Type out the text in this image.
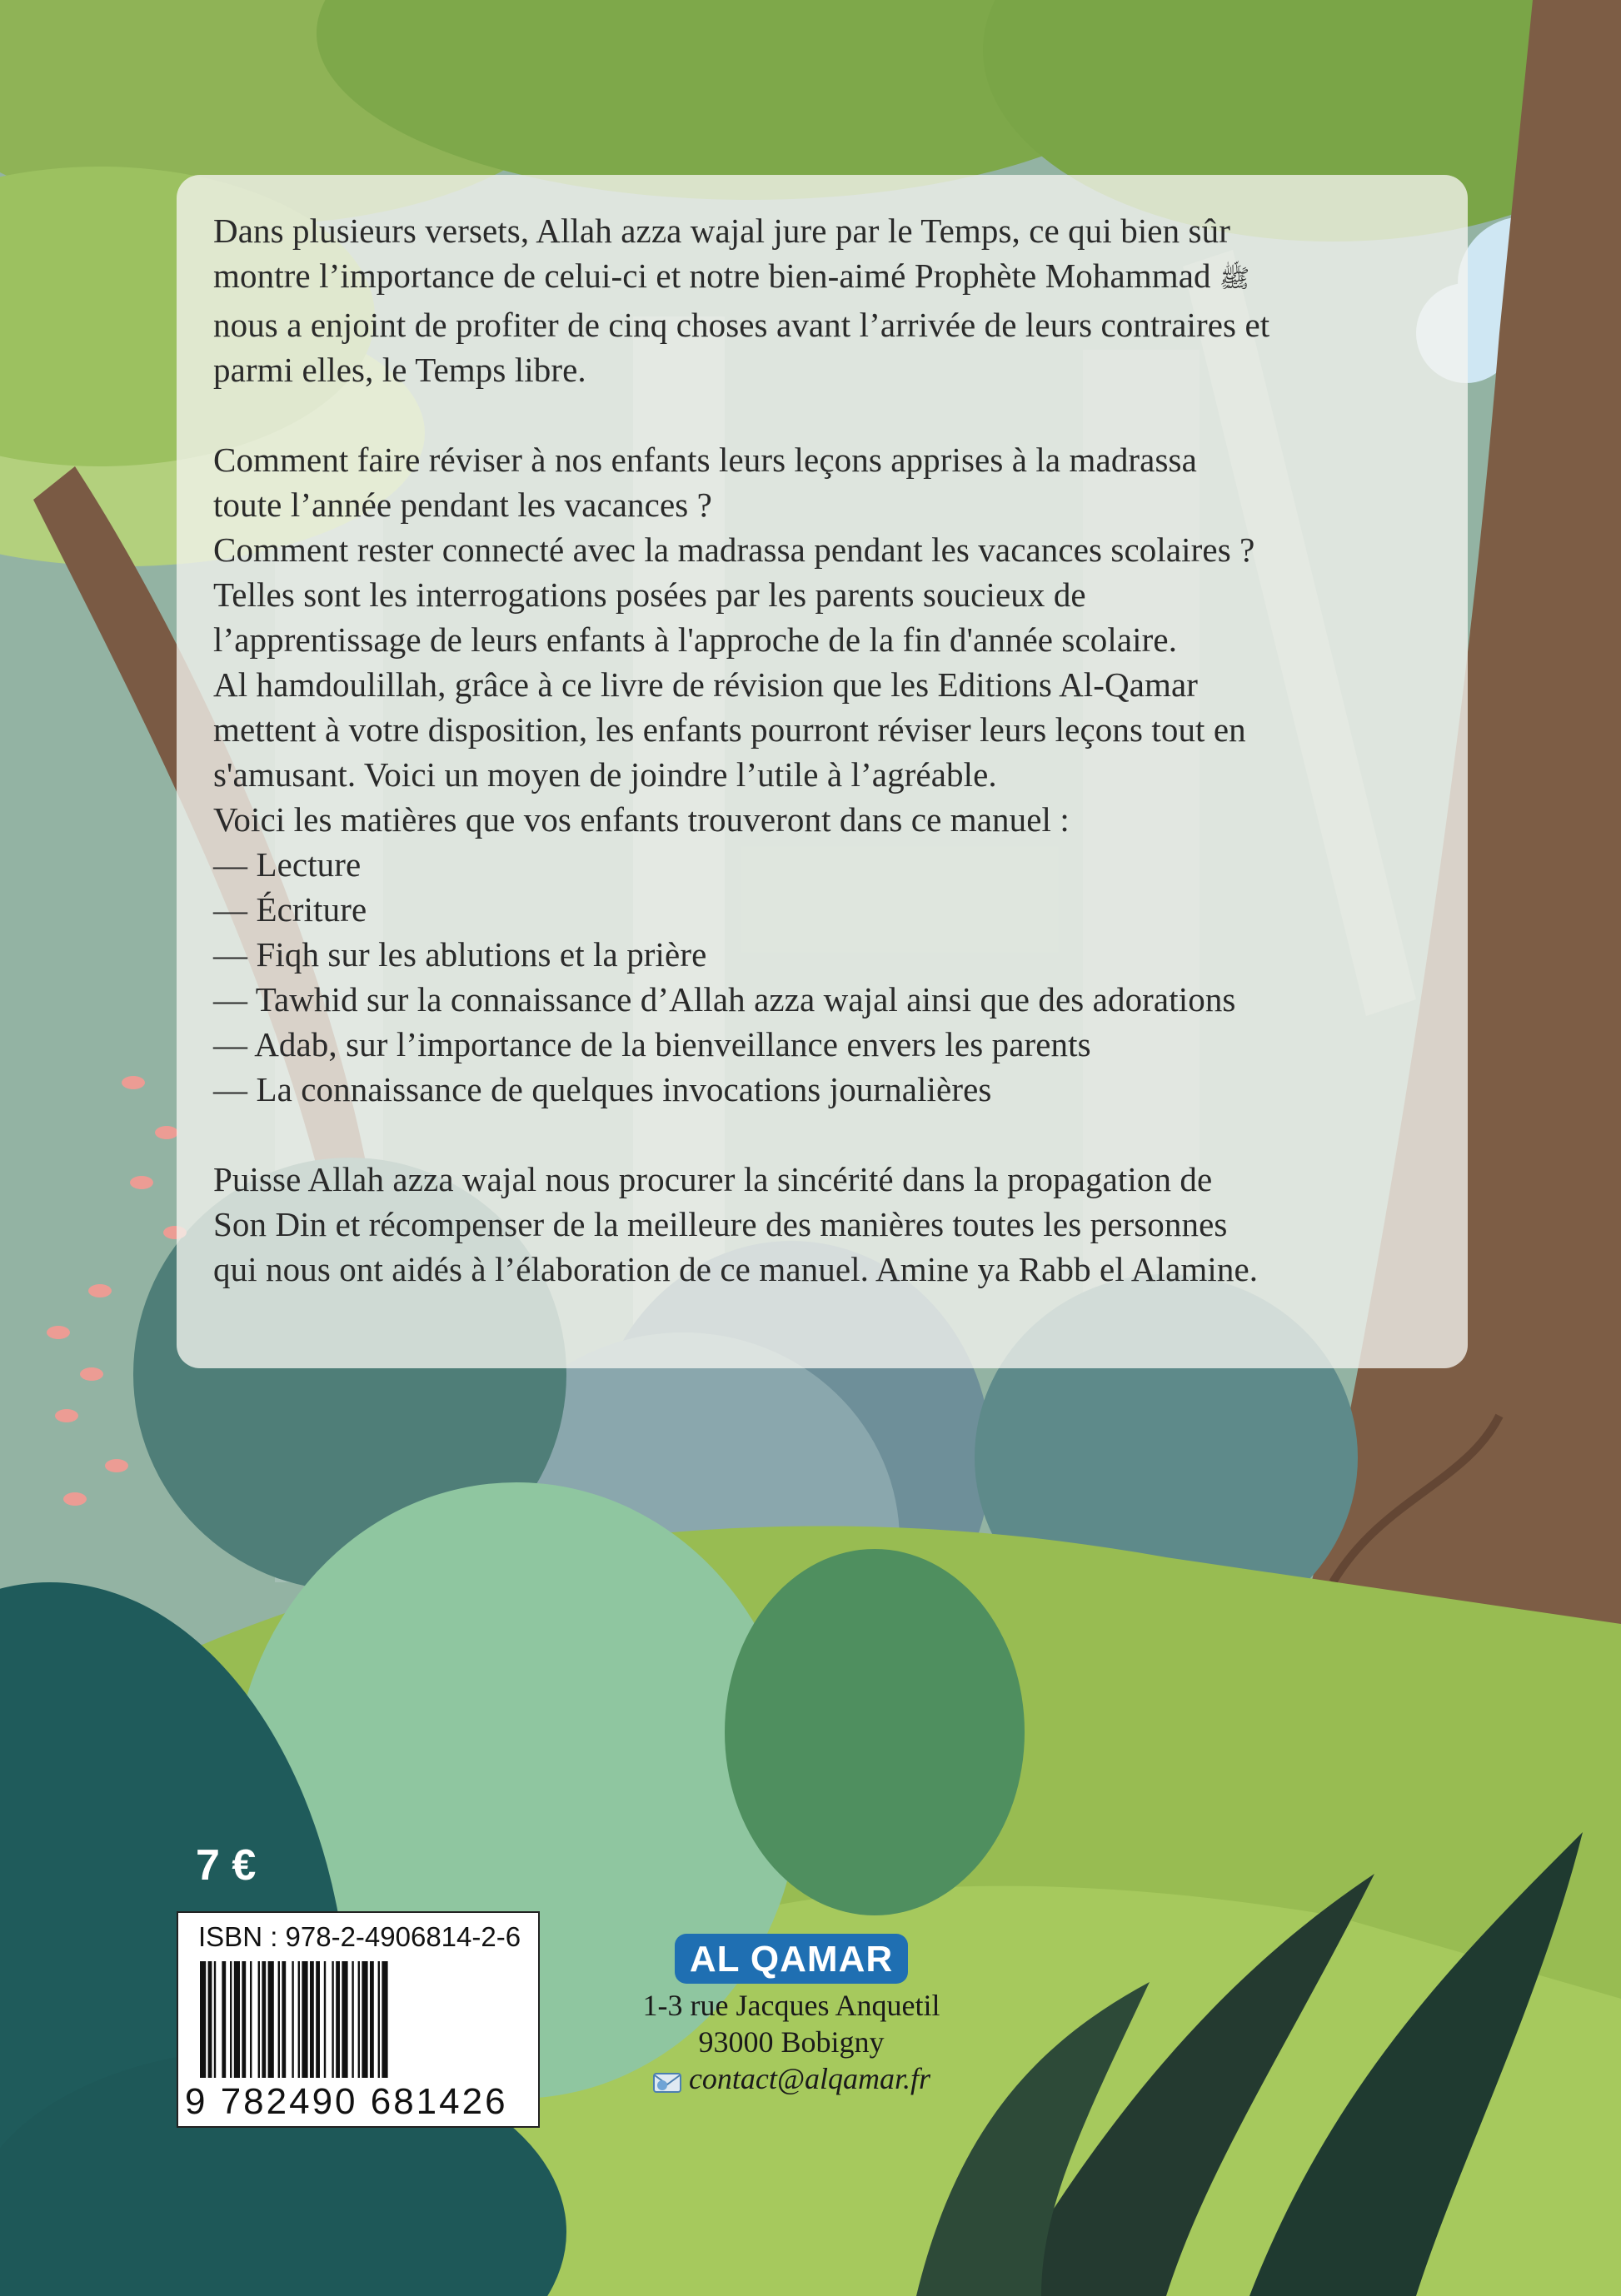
Dans plusieurs versets, Allah azza wajal jure par le Temps, ce qui bien sûr

montre l’importance de celui-ci et notre bien-aimé Prophète Mohammad ﷺ

nous a enjoint de profiter de cinq choses avant l’arrivée de leurs contraires et

parmi elles, le Temps libre.

Comment faire réviser à nos enfants leurs leçons apprises à la madrassa

toute l’année pendant les vacances ?

Comment rester connecté avec la madrassa pendant les vacances scolaires ?

Telles sont les interrogations posées par les parents soucieux de

l’apprentissage de leurs enfants à l'approche de la fin d'année scolaire.

Al hamdoulillah, grâce à ce livre de révision que les Editions Al-Qamar

mettent à votre disposition, les enfants pourront réviser leurs leçons tout en

s'amusant. Voici un moyen de joindre l’utile à l’agréable.

Voici les matières que vos enfants trouveront dans ce manuel :

— Lecture

— Écriture

— Fiqh sur les ablutions et la prière

— Tawhid sur la connaissance d’Allah azza wajal ainsi que des adorations

— Adab, sur l’importance de la bienveillance envers les parents

— La connaissance de quelques invocations journalières

Puisse Allah azza wajal nous procurer la sincérité dans la propagation de

Son Din et récompenser de la meilleure des manières toutes les personnes

qui nous ont aidés à l’élaboration de ce manuel. Amine ya Rabb el Alamine.

7 €
ISBN : 978-2-4906814-2-6
9 782490 681426
AL QAMAR
1-3 rue Jacques Anquetil
93000 Bobigny
contact@alqamar.fr
